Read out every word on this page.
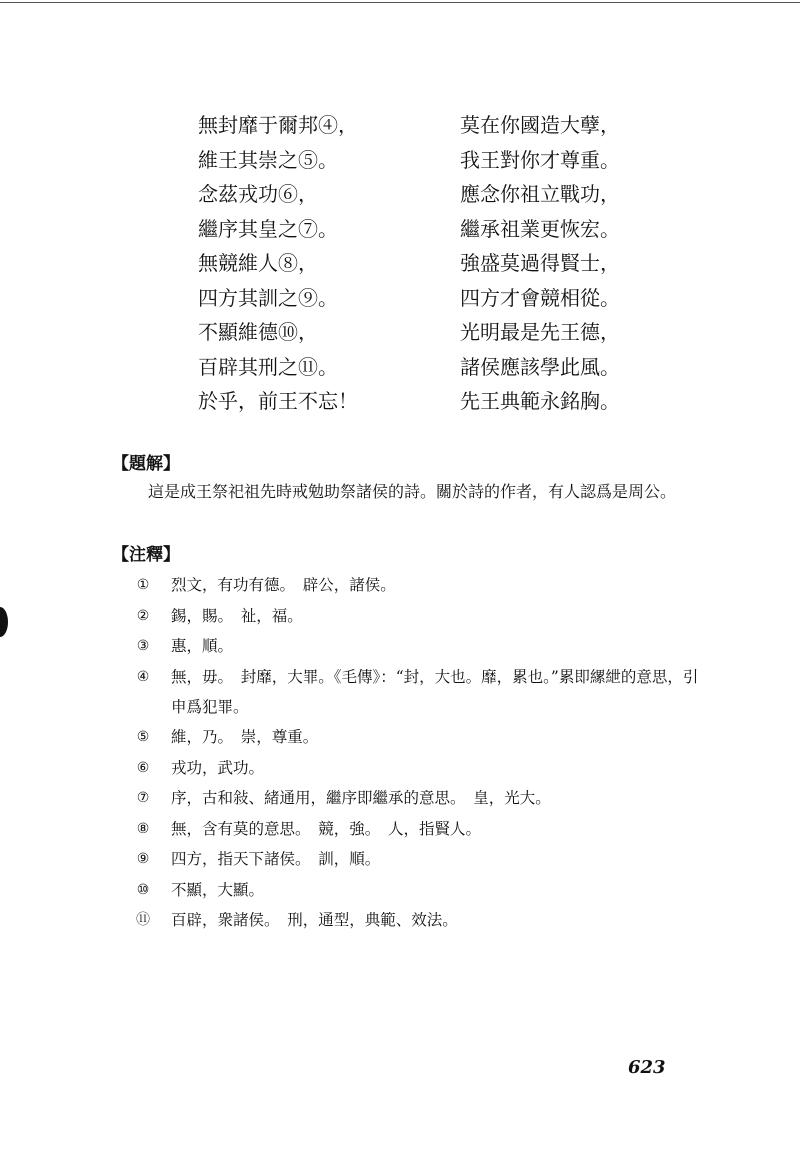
無封靡于爾邦④，	莫在你國造大孽，
維王其崇之⑤。	我王對你才尊重。
念茲戎功⑥，	應念你祖立戰功，
繼序其皇之⑦。	繼承祖業更恢宏。
無競維人⑧，	強盛莫過得賢士，
四方其訓之⑨。	四方才會競相從。
不顯維德⑩，	光明最是先王德，
百辟其刑之⑪。	諸侯應該學此風。
於乎，前王不忘！	先王典範永銘胸。
【題解】
這是成王祭祀祖先時戒勉助祭諸侯的詩。關於詩的作者，有人認爲是周公。
【注釋】
① 烈文，有功有德。　辟公，諸侯。
② 錫，賜。　祉，福。
③ 惠，順。
④ 無，毋。　封靡，大罪。《毛傳》：“封，大也。靡，累也。”累即縲紲的意思，引申爲犯罪。
⑤ 維，乃。　崇，尊重。
⑥ 戎功，武功。
⑦ 序，古和敍、緒通用，繼序即繼承的意思。　皇，光大。
⑧ 無，含有莫的意思。　競，強。　人，指賢人。
⑨ 四方，指天下諸侯。　訓，順。
⑩ 不顯，大顯。
⑪ 百辟，衆諸侯。　刑，通型，典範、效法。
623
